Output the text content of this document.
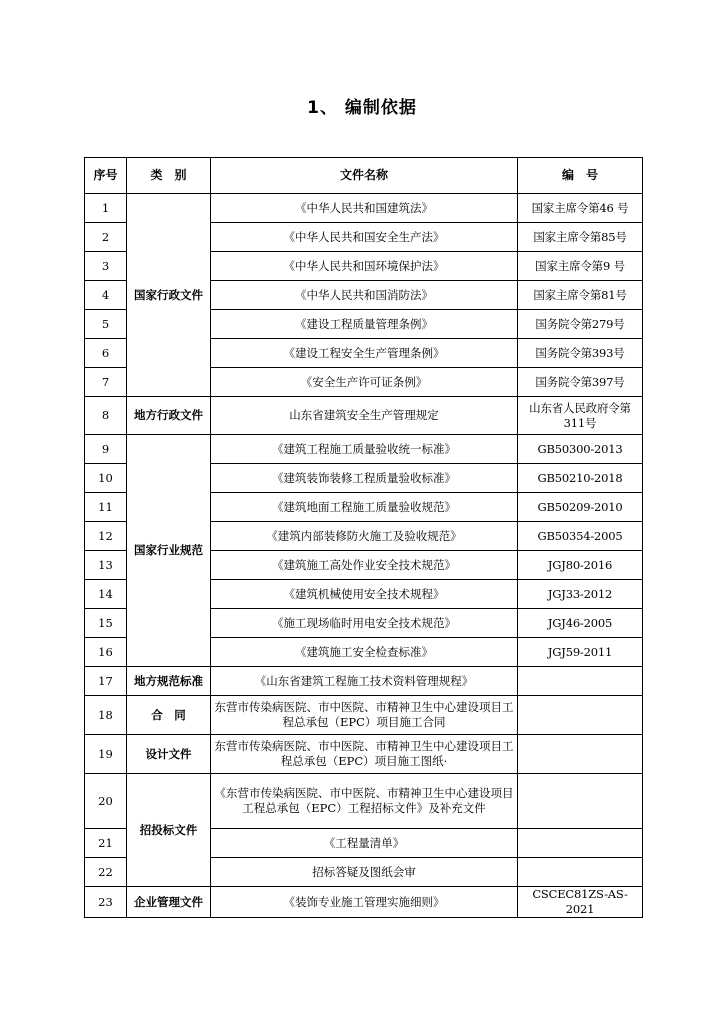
1、 编制依据
序号	类　别	文件名称	编　号
1	国家行政文件	《中华人民共和国建筑法》	国家主席令第46 号
2		《中华人民共和国安全生产法》	国家主席令第85号
3		《中华人民共和国环境保护法》	国家主席令第9 号
4		《中华人民共和国消防法》	国家主席令第81号
5		《建设工程质量管理条例》	国务院令第279号
6		《建设工程安全生产管理条例》	国务院令第393号
7		《安全生产许可证条例》	国务院令第397号
8	地方行政文件	山东省建筑安全生产管理规定	山东省人民政府令第311号
9	国家行业规范	《建筑工程施工质量验收统一标准》	GB50300-2013
10		《建筑装饰装修工程质量验收标准》	GB50210-2018
11		《建筑地面工程施工质量验收规范》	GB50209-2010
12		《建筑内部装修防火施工及验收规范》	GB50354-2005
13		《建筑施工高处作业安全技术规范》	JGJ80-2016
14		《建筑机械使用安全技术规程》	JGJ33-2012
15		《施工现场临时用电安全技术规范》	JGJ46-2005
16		《建筑施工安全检查标准》	JGJ59-2011
17	地方规范标准	《山东省建筑工程施工技术资料管理规程》	
18	合　同	东营市传染病医院、市中医院、市精神卫生中心建设项目工程总承包（EPC）项目施工合同	
19	设计文件	东营市传染病医院、市中医院、市精神卫生中心建设项目工程总承包（EPC）项目施工图纸·	
20	招投标文件	《东营市传染病医院、市中医院、市精神卫生中心建设项目工程总承包（EPC）工程招标文件》及补充文件	
21		《工程量清单》	
22		招标答疑及图纸会审	
23	企业管理文件	《装饰专业施工管理实施细则》	CSCEC81ZS-AS-2021
